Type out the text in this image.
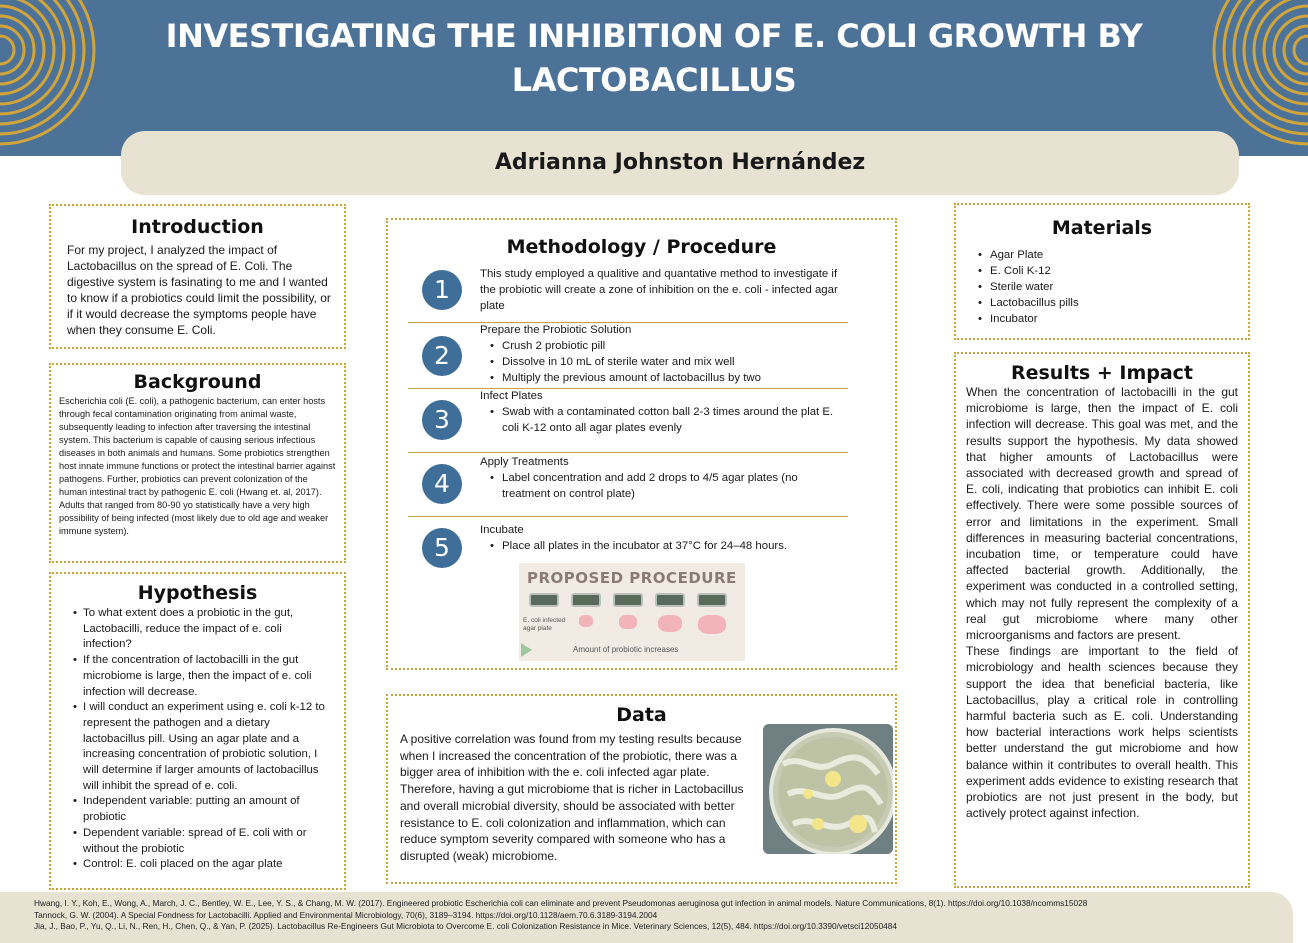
INVESTIGATING THE INHIBITION OF E. COLI GROWTH BY LACTOBACILLUS
Adrianna Johnston Hernández
Introduction

For my project, I analyzed the impact of Lactobacillus on the spread of E. Coli. The digestive system is fasinating to me and I wanted to know if a probiotics could limit the possibility, or if it would decrease the symptoms people have when they consume E. Coli.

Background

Escherichia coli (E. coli), a pathogenic bacterium, can enter hosts through fecal contamination originating from animal waste, subsequently leading to infection after traversing the intestinal system. This bacterium is capable of causing serious infectious diseases in both animals and humans. Some probiotics strengthen host innate immune functions or protect the intestinal barrier against pathogens. Further, probiotics can prevent colonization of the human intestinal tract by pathogenic E. coli (Hwang et. al, 2017). Adults that ranged from 80-90 yo statistically have a very high possibility of being infected (most likely due to old age and weaker immune system).

Hypothesis
• To what extent does a probiotic in the gut, Lactobacilli, reduce the impact of e. coli infection?
• If the concentration of lactobacilli in the gut microbiome is large, then the impact of e. coli infection will decrease.
• I will conduct an experiment using e. coli k-12 to represent the pathogen and a dietary lactobacillus pill. Using an agar plate and a increasing concentration of probiotic solution, I will determine if larger amounts of lactobacillus will inhibit the spread of e. coli.
• Independent variable: putting an amount of probiotic
• Dependent variable: spread of E. coli with or without the probiotic
• Control: E. coli placed on the agar plate
Methodology / Procedure
1
This study employed a qualitive and quantative method to investigate if the probiotic will create a zone of inhibition on the e. coli - infected agar plate
2
Prepare the Probiotic Solution
• Crush 2 probiotic pill
• Dissolve in 10 mL of sterile water and mix well
• Multiply the previous amount of lactobacillus by two
3
Infect Plates
• Swab with a contaminated cotton ball 2-3 times around the plat E. coli K-12 onto all agar plates evenly
4
Apply Treatments
• Label concentration and add 2 drops to 4/5 agar plates (no treatment on control plate)
5
Incubate
• Place all plates in the incubator at 37°C for 24–48 hours.
PROPOSED PROCEDURE
E. coli infected agar plate
Amount of probiotic increases
Data

A positive correlation was found from my testing results because when I increased the concentration of the probiotic, there was a bigger area of inhibition with the e. coli infected agar plate. Therefore, having a gut microbiome that is richer in Lactobacillus and overall microbial diversity, should be associated with better resistance to E. coli colonization and inflammation, which can reduce symptom severity compared with someone who has a disrupted (weak) microbiome.

Materials
• Agar Plate
• E. Coli K-12
• Sterile water
• Lactobacillus pills
• Incubator
Results + Impact

When the concentration of lactobacilli in the gut microbiome is large, then the impact of E. coli infection will decrease. This goal was met, and the results support the hypothesis. My data showed that higher amounts of Lactobacillus were associated with decreased growth and spread of E. coli, indicating that probiotics can inhibit E. coli effectively. There were some possible sources of error and limitations in the experiment. Small differences in measuring bacterial concentrations, incubation time, or temperature could have affected bacterial growth. Additionally, the experiment was conducted in a controlled setting, which may not fully represent the complexity of a real gut microbiome where many other microorganisms and factors are present.

These findings are important to the field of microbiology and health sciences because they support the idea that beneficial bacteria, like Lactobacillus, play a critical role in controlling harmful bacteria such as E. coli. Understanding how bacterial interactions work helps scientists better understand the gut microbiome and how balance within it contributes to overall health. This experiment adds evidence to existing research that probiotics are not just present in the body, but actively protect against infection.

Hwang, I. Y., Koh, E., Wong, A., March, J. C., Bentley, W. E., Lee, Y. S., & Chang, M. W. (2017). Engineered probiotic Escherichia coli can eliminate and prevent Pseudomonas aeruginosa gut infection in animal models. Nature Communications, 8(1). https://doi.org/10.1038/ncomms15028
Tannock, G. W. (2004). A Special Fondness for Lactobacilli. Applied and Environmental Microbiology, 70(6), 3189–3194. https://doi.org/10.1128/aem.70.6.3189-3194.2004
Jia, J., Bao, P., Yu, Q., Li, N., Ren, H., Chen, Q., & Yan, P. (2025). Lactobacillus Re-Engineers Gut Microbiota to Overcome E. coli Colonization Resistance in Mice. Veterinary Sciences, 12(5), 484. https://doi.org/10.3390/vetsci12050484
